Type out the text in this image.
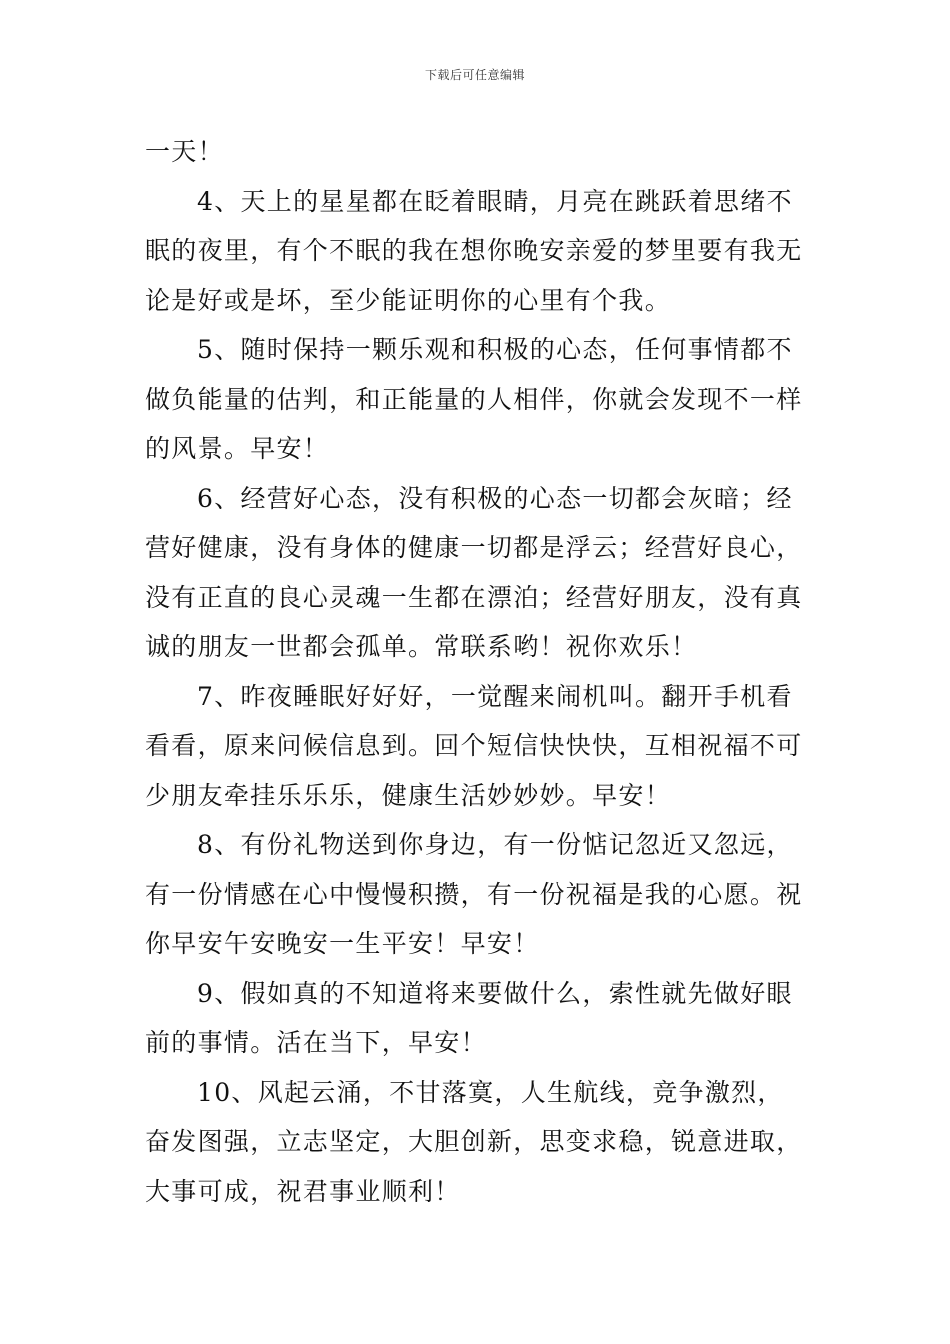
下载后可任意编辑

一天！

4、天上的星星都在眨着眼睛，月亮在跳跃着思绪不眠的夜里，有个不眠的我在想你晚安亲爱的梦里要有我无论是好或是坏，至少能证明你的心里有个我。

5、随时保持一颗乐观和积极的心态，任何事情都不做负能量的估判，和正能量的人相伴，你就会发现不一样的风景。早安！

6、经营好心态，没有积极的心态一切都会灰暗；经营好健康，没有身体的健康一切都是浮云；经营好良心，没有正直的良心灵魂一生都在漂泊；经营好朋友，没有真诚的朋友一世都会孤单。常联系哟！祝你欢乐！

7、昨夜睡眠好好好，一觉醒来闹机叫。翻开手机看看看，原来问候信息到。回个短信快快快，互相祝福不可少朋友牵挂乐乐乐，健康生活妙妙妙。早安！

8、有份礼物送到你身边，有一份惦记忽近又忽远，有一份情感在心中慢慢积攒，有一份祝福是我的心愿。祝你早安午安晚安一生平安！早安！

9、假如真的不知道将来要做什么，索性就先做好眼前的事情。活在当下，早安！

10、风起云涌，不甘落寞，人生航线，竞争激烈，奋发图强，立志坚定，大胆创新，思变求稳，锐意进取，大事可成，祝君事业顺利！
